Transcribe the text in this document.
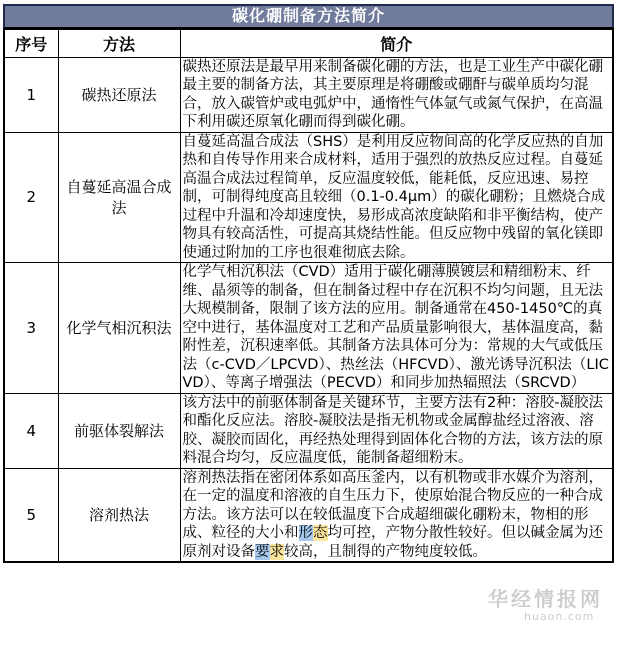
碳化硼制备方法简介
序号	方法	简介
1	碳热还原法	碳热还原法是最早用来制备碳化硼的方法，也是工业生产中碳化硼最主要的制备方法，其主要原理是将硼酸或硼酐与碳单质均匀混合，放入碳管炉或电弧炉中，通惰性气体氩气或氮气保护，在高温下利用碳还原氧化硼而得到碳化硼。
2	自蔓延高温合成法	自蔓延高温合成法（SHS）是利用反应物间高的化学反应热的自加热和自传导作用来合成材料，适用于强烈的放热反应过程。自蔓延高温合成法过程简单，反应温度较低，能耗低，反应迅速、易控制，可制得纯度高且较细（0.1-0.4μm）的碳化硼粉；且燃烧合成过程中升温和冷却速度快，易形成高浓度缺陷和非平衡结构，使产物具有较高活性，可提高其烧结性能。但反应物中残留的氧化镁即使通过附加的工序也很难彻底去除。
3	化学气相沉积法	化学气相沉积法（CVD）适用于碳化硼薄膜镀层和精细粉末、纤维、晶须等的制备，但在制备过程中存在沉积不均匀问题，且无法大规模制备，限制了该方法的应用。制备通常在450-1450℃的真空中进行，基体温度对工艺和产品质量影响很大，基体温度高，黏附性差，沉积速率低。其制备方法具体可分为：常规的大气或低压法（c-CVD／LPCVD）、热丝法（HFCVD）、激光诱导沉积法（LICVD）、等离子增强法（PECVD）和同步加热辐照法（SRCVD）
4	前驱体裂解法	该方法中的前驱体制备是关键环节，主要方法有2种：溶胶-凝胶法和酯化反应法。溶胶-凝胶法是指无机物或金属醇盐经过溶液、溶胶、凝胶而固化，再经热处理得到固体化合物的方法，该方法的原料混合均匀，反应温度低，能制备超细粉末。
5	溶剂热法	溶剂热法指在密闭体系如高压釜内，以有机物或非水媒介为溶剂，在一定的温度和溶液的自生压力下，使原始混合物反应的一种合成方法。该方法可以在较低温度下合成超细碳化硼粉末，物相的形成、粒径的大小和形态均可控，产物分散性较好。但以碱金属为还原剂对设备要求较高，且制得的产物纯度较低。
华经情报网
huaon.com
